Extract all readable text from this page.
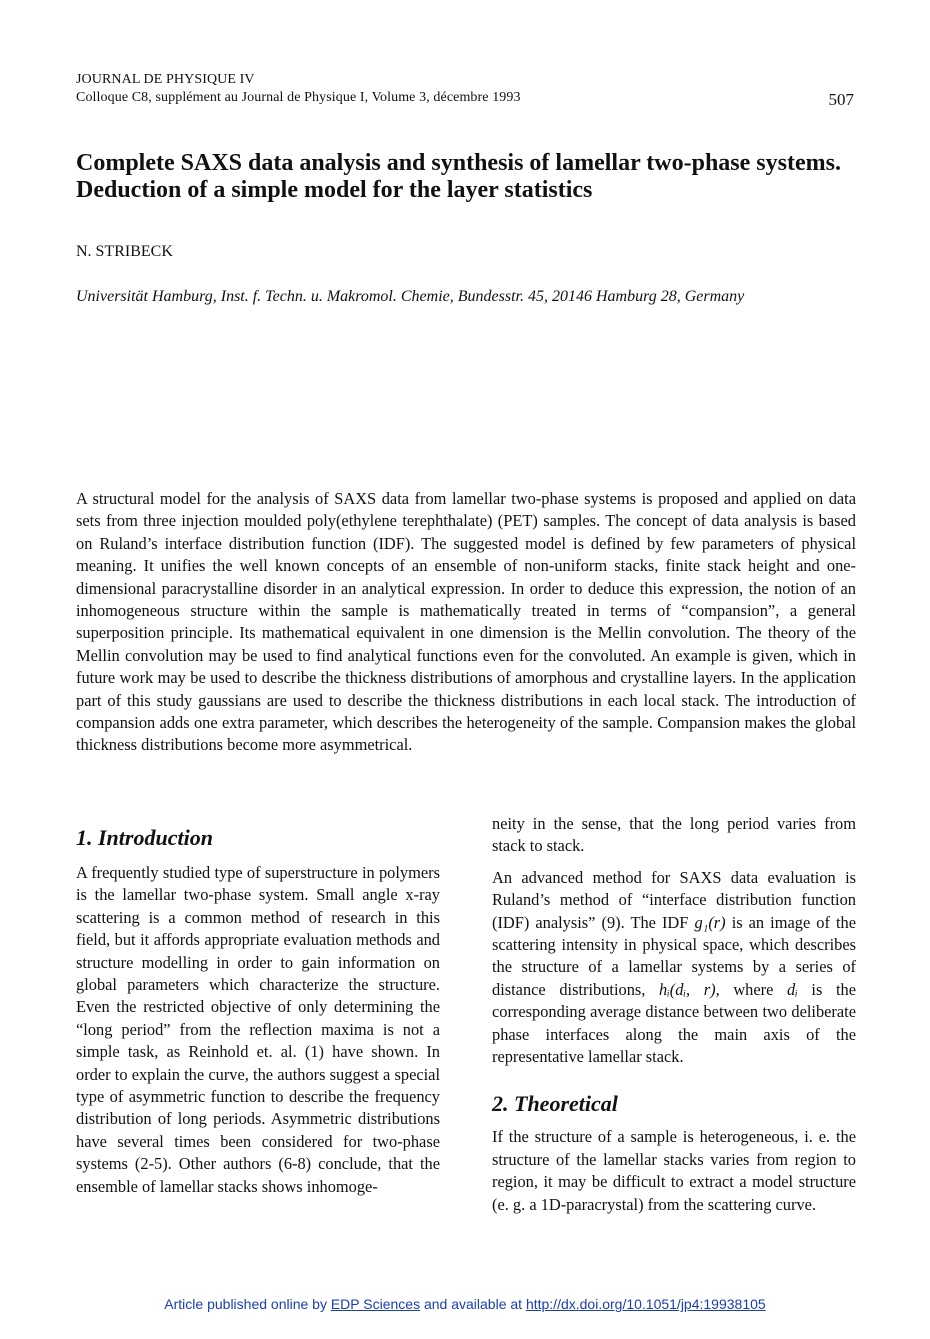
JOURNAL DE PHYSIQUE IV
Colloque C8, supplément au Journal de Physique I, Volume 3, décembre 1993	507
Complete SAXS data analysis and synthesis of lamellar two-phase systems. Deduction of a simple model for the layer statistics
N. STRIBECK
Universität Hamburg, Inst. f. Techn. u. Makromol. Chemie, Bundesstr. 45, 20146 Hamburg 28, Germany
A structural model for the analysis of SAXS data from lamellar two-phase systems is proposed and applied on data sets from three injection moulded poly(ethylene terephthalate) (PET) samples. The concept of data analysis is based on Ruland’s interface distribution function (IDF). The suggested model is defined by few parameters of physical meaning. It unifies the well known concepts of an ensemble of non-uniform stacks, finite stack height and one-dimensional paracrystalline disorder in an analytical expression. In order to deduce this expression, the notion of an inhomogeneous structure within the sample is mathematically treated in terms of “compansion”, a general superposition principle. Its mathematical equivalent in one dimension is the Mellin convolution. The theory of the Mellin convolution may be used to find analytical functions even for the convoluted. An example is given, which in future work may be used to describe the thickness distributions of amorphous and crystalline layers. In the application part of this study gaussians are used to describe the thickness distributions in each local stack. The introduction of compansion adds one extra parameter, which describes the heterogeneity of the sample. Compansion makes the global thickness distributions become more asymmetrical.
1. Introduction

A frequently studied type of superstructure in polymers is the lamellar two-phase system. Small angle x-ray scattering is a common method of research in this field, but it affords appropriate evaluation methods and structure modelling in order to gain information on global parameters which characterize the structure. Even the restricted objective of only determining the “long period” from the reflection maxima is not a simple task, as Reinhold et. al. (1) have shown. In order to explain the curve, the authors suggest a special type of asymmetric function to describe the frequency distribution of long periods. Asymmetric distributions have several times been considered for two-phase systems (2-5). Other authors (6-8) conclude, that the ensemble of lamellar stacks shows inhomoge-

neity in the sense, that the long period varies from stack to stack.

An advanced method for SAXS data evaluation is Ruland’s method of “interface distribution function (IDF) analysis” (9). The IDF g₁(r) is an image of the scattering intensity in physical space, which describes the structure of a lamellar systems by a series of distance distributions, hᵢ(dᵢ, r), where dᵢ is the corresponding average distance between two deliberate phase interfaces along the main axis of the representative lamellar stack.

2. Theoretical

If the structure of a sample is heterogeneous, i. e. the structure of the lamellar stacks varies from region to region, it may be difficult to extract a model structure (e. g. a 1D-paracrystal) from the scattering curve.

Article published online by EDP Sciences and available at http://dx.doi.org/10.1051/jp4:19938105
